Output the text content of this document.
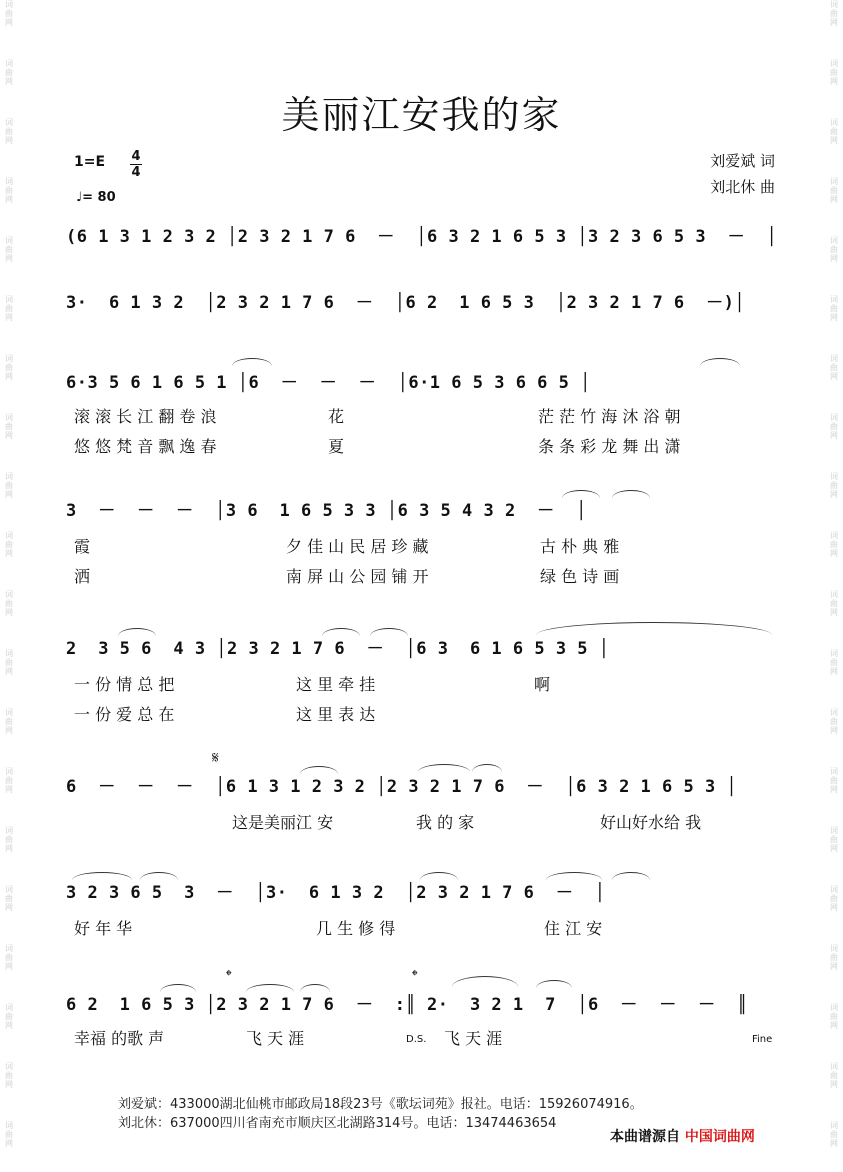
词
曲
网
词
曲
网
词
曲
网
词
曲
网
词
曲
网
词
曲
网
词
曲
网
词
曲
网
词
曲
网
词
曲
网
词
曲
网
词
曲
网
词
曲
网
词
曲
网
词
曲
网
词
曲
网
词
曲
网
词
曲
网
词
曲
网
词
曲
网
词
曲
网
词
曲
网
词
曲
网
词
曲
网
词
曲
网
词
曲
网
词
曲
网
词
曲
网
词
曲
网
词
曲
网
词
曲
网
词
曲
网
词
曲
网
词
曲
网
词
曲
网
词
曲
网
词
曲
网
词
曲
网
词
曲
网
词
曲
网
美丽江安我的家
1=E 4
4
♩= 80
刘爱斌 词
刘北休 曲
(6 1 3 1 2 3 2 │2 3 2 1 7 6  －  │6 3 2 1 6 5 3 │3 2 3 6 5 3  －  │
3·  6 1 3 2  │2 3 2 1 7 6  －  │6 2  1 6 5 3  │2 3 2 1 7 6  －)│
6·3 5 6 1 6 5 1 │6  －  －  －  │6·1 6 5 3 6 6 5 │
滚 滚 长 江 翻 卷 浪	花	茫 茫 竹 海 沐 浴 朝
悠 悠 梵 音 飘 逸 春	夏	条 条 彩 龙 舞 出 潇
3  －  －  －  │3 6  1 6 5 3 3 │6 3 5 4 3 2  －  │
霞	夕 佳 山 民 居 珍 藏	古 朴 典 雅
洒	南 屏 山 公 园 铺 开	绿 色 诗 画
2  3 5 6  4 3 │2 3 2 1 7 6  －  │6 3  6 1 6 5 3 5 │
一 份 情 总 把	这 里 牵 挂	啊
一 份 爱 总 在	这 里 表 达
𝄋
6  －  －  －  │6 1 3 1 2 3 2 │2 3 2 1 7 6  －  │6 3 2 1 6 5 3 │
这是美丽江 安	我 的 家	好山好水给 我
3 2 3 6 5  3  －  │3·  6 1 3 2  │2 3 2 1 7 6  －  │
好 年 华	几 生 修 得	住 江 安
𝄌	𝄌
6 2  1 6 5 3 │2 3 2 1 7 6  －  :║ 2·  3 2 1  7  │6  －  －  －  ║
幸福 的歌 声	飞 天 涯	D.S. 飞 天 涯	Fine
刘爱斌：433000湖北仙桃市邮政局18段23号《歌坛词苑》报社。电话：15926074916。
刘北休：637000四川省南充市顺庆区北湖路314号。电话：13474463654
本曲谱源自 中国词曲网
